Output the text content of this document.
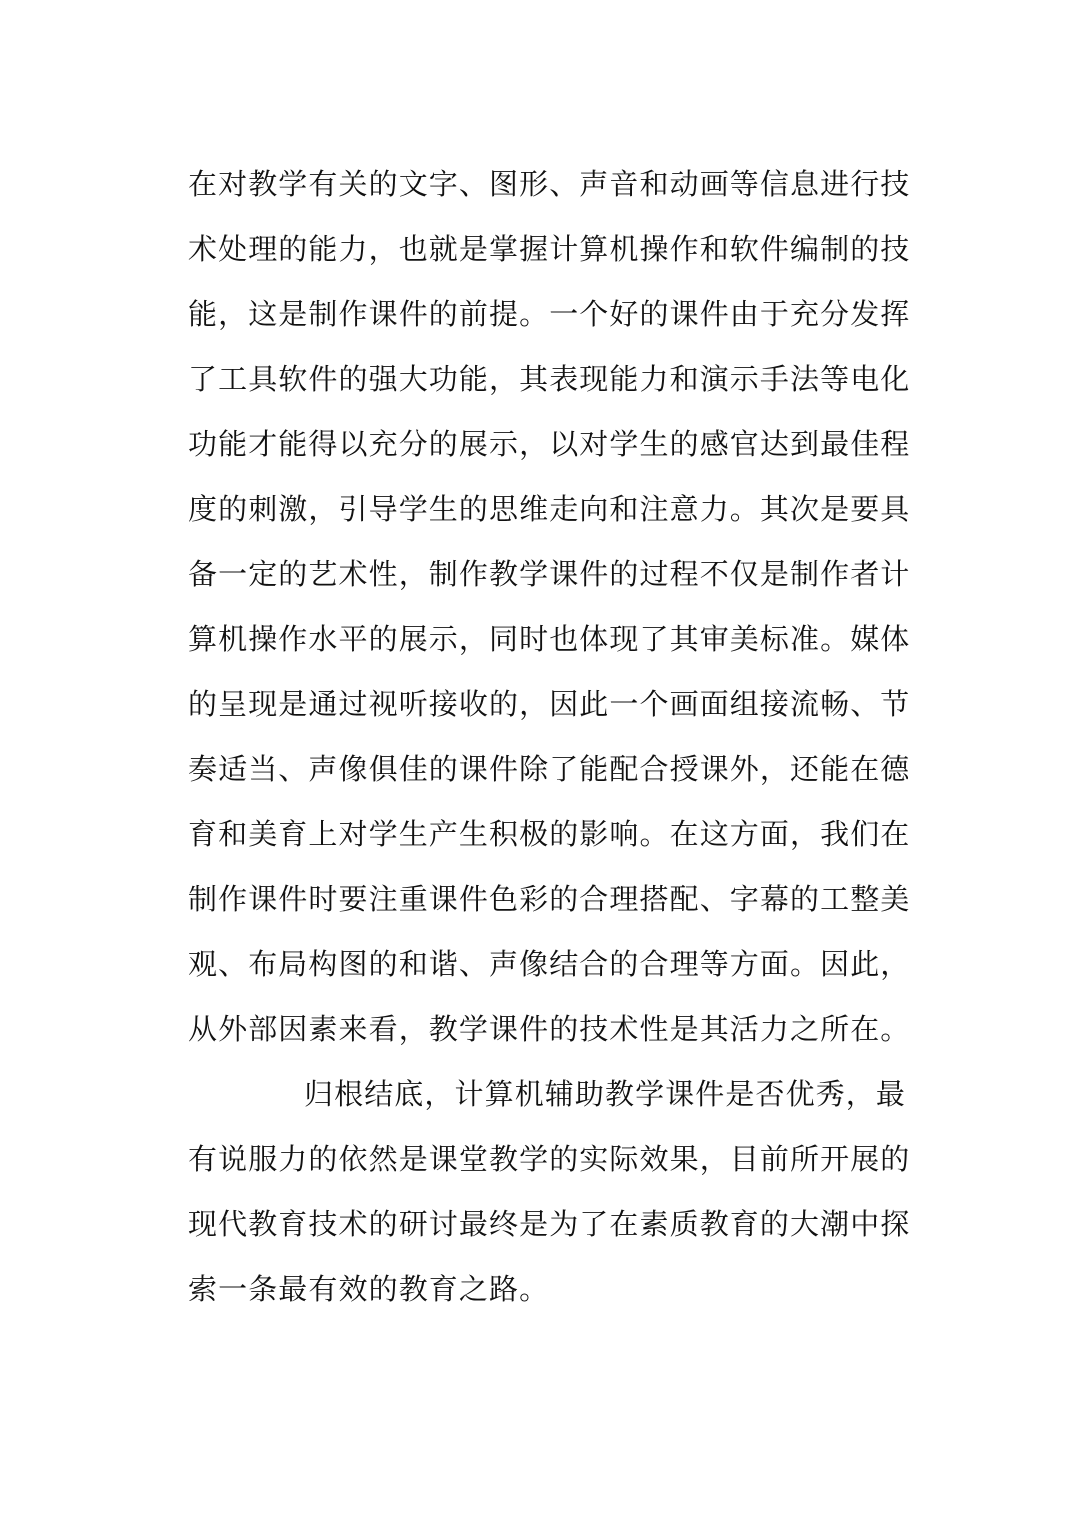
在对教学有关的文字、图形、声音和动画等信息进行技
术处理的能力，也就是掌握计算机操作和软件编制的技
能，这是制作课件的前提。一个好的课件由于充分发挥
了工具软件的强大功能，其表现能力和演示手法等电化
功能才能得以充分的展示，以对学生的感官达到最佳程
度的刺激，引导学生的思维走向和注意力。其次是要具
备一定的艺术性，制作教学课件的过程不仅是制作者计
算机操作水平的展示，同时也体现了其审美标准。媒体
的呈现是通过视听接收的，因此一个画面组接流畅、节
奏适当、声像俱佳的课件除了能配合授课外，还能在德
育和美育上对学生产生积极的影响。在这方面，我们在
制作课件时要注重课件色彩的合理搭配、字幕的工整美
观、布局构图的和谐、声像结合的合理等方面。因此，
从外部因素来看，教学课件的技术性是其活力之所在。
归根结底，计算机辅助教学课件是否优秀，最
有说服力的依然是课堂教学的实际效果，目前所开展的
现代教育技术的研讨最终是为了在素质教育的大潮中探
索一条最有效的教育之路。
